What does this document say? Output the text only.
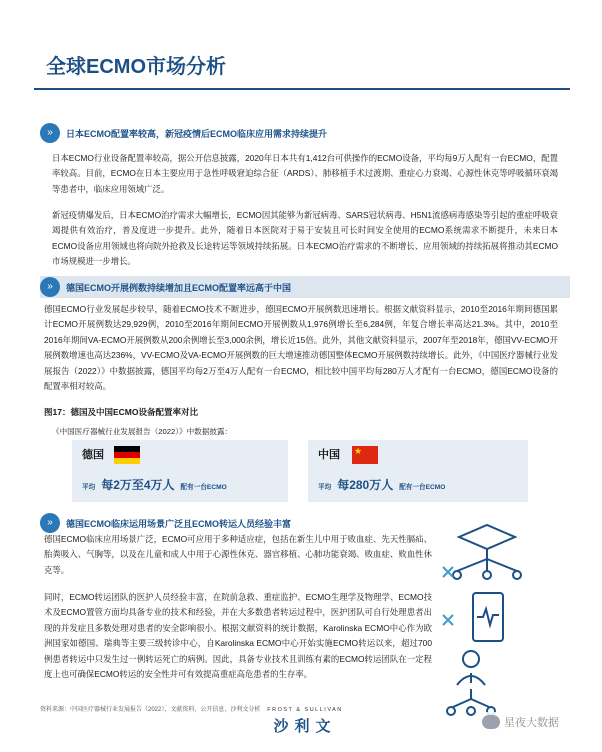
全球ECMO市场分析
»	日本ECMO配置率较高，新冠疫情后ECMO临床应用需求持续提升
日本ECMO行业设备配置率较高，据公开信息披露，2020年日本共有1,412台可供操作的ECMO设备，平均每9万人配有一台ECMO，配置率较高。目前，ECMO在日本主要应用于急性呼吸窘迫综合征（ARDS）、肺移植手术过渡期、重症心力衰竭、心源性休克等呼吸循环衰竭等患者中，临床应用领域广泛。
新冠疫情爆发后，日本ECMO治疗需求大幅增长，ECMO因其能够为新冠病毒、SARS冠状病毒、H5N1流感病毒感染等引起的重症呼吸衰竭提供有效治疗，普及度进一步提升。此外，随着日本医院对于易于安装且可长时间安全使用的ECMO系统需求不断提升，未来日本ECMO设备应用领域也将向院外抢救及长途转运等领域持续拓展。日本ECMO治疗需求的不断增长、应用领域的持续拓展将推动其ECMO市场规模进一步增长。
»	德国ECMO开展例数持续增加且ECMO配置率远高于中国
德国ECMO行业发展起步较早，随着ECMO技术不断进步，德国ECMO开展例数迅速增长。根据文献资料显示，2010至2016年期间德国累计ECMO开展例数达29,929例，2010至2016年期间ECMO开展例数从1,976例增长至6,284例，年复合增长率高达21.3%。其中，2010至2016年期间VA-ECMO开展例数从200余例增长至3,000余例，增长近15倍。此外，其他文献资料显示，2007年至2018年，德国VV-ECMO开展例数增速也高达236%，VV-ECMO及VA-ECMO开展例数的巨大增速推动德国整体ECMO开展例数持续增长。此外，《中国医疗器械行业发展报告（2022）》中数据披露，德国平均每2万至4万人配有一台ECMO，相比较中国平均每280万人才配有一台ECMO，德国ECMO设备的配置率相对较高。
图17：德国及中国ECMO设备配置率对比
《中国医疗器械行业发展报告（2022）》中数据披露：
德国
平均 每2万至4万人 配有一台ECMO
中国 ★
平均 每280万人 配有一台ECMO
»	德国ECMO临床运用场景广泛且ECMO转运人员经验丰富
德国ECMO临床应用场景广泛，ECMO可应用于多种适应症，包括在新生儿中用于败血症、先天性膈疝、胎粪吸入、气胸等，以及在儿童和成人中用于心源性休克、器官移植、心肺功能衰竭、败血症、败血性休克等。
同时，ECMO转运团队的医护人员经验丰富，在院前急救、重症监护、ECMO生理学及物理学、ECMO技术及ECMO置管方面均具备专业的技术和经验，并在大多数患者转运过程中，医护团队可自行处理患者出现的并发症且多数处理对患者的安全影响很小。根据文献资料的统计数据，Karolinska ECMO中心作为欧洲国家如德国、瑞典等主要三级转诊中心，自Karolinska ECMO中心开始实施ECMO转运以来，超过700例患者转运中只发生过一例转运死亡的病例。因此，具备专业技术且训练有素的ECMO转运团队在一定程度上也可确保ECMO转运的安全性并可有效提高重症高危患者的生存率。
资料来源：中国医疗器械行业发展报告（2022），文献资料，公开信息，沙利文分析	FROST & SULLIVAN
沙利文	星夜大数据
